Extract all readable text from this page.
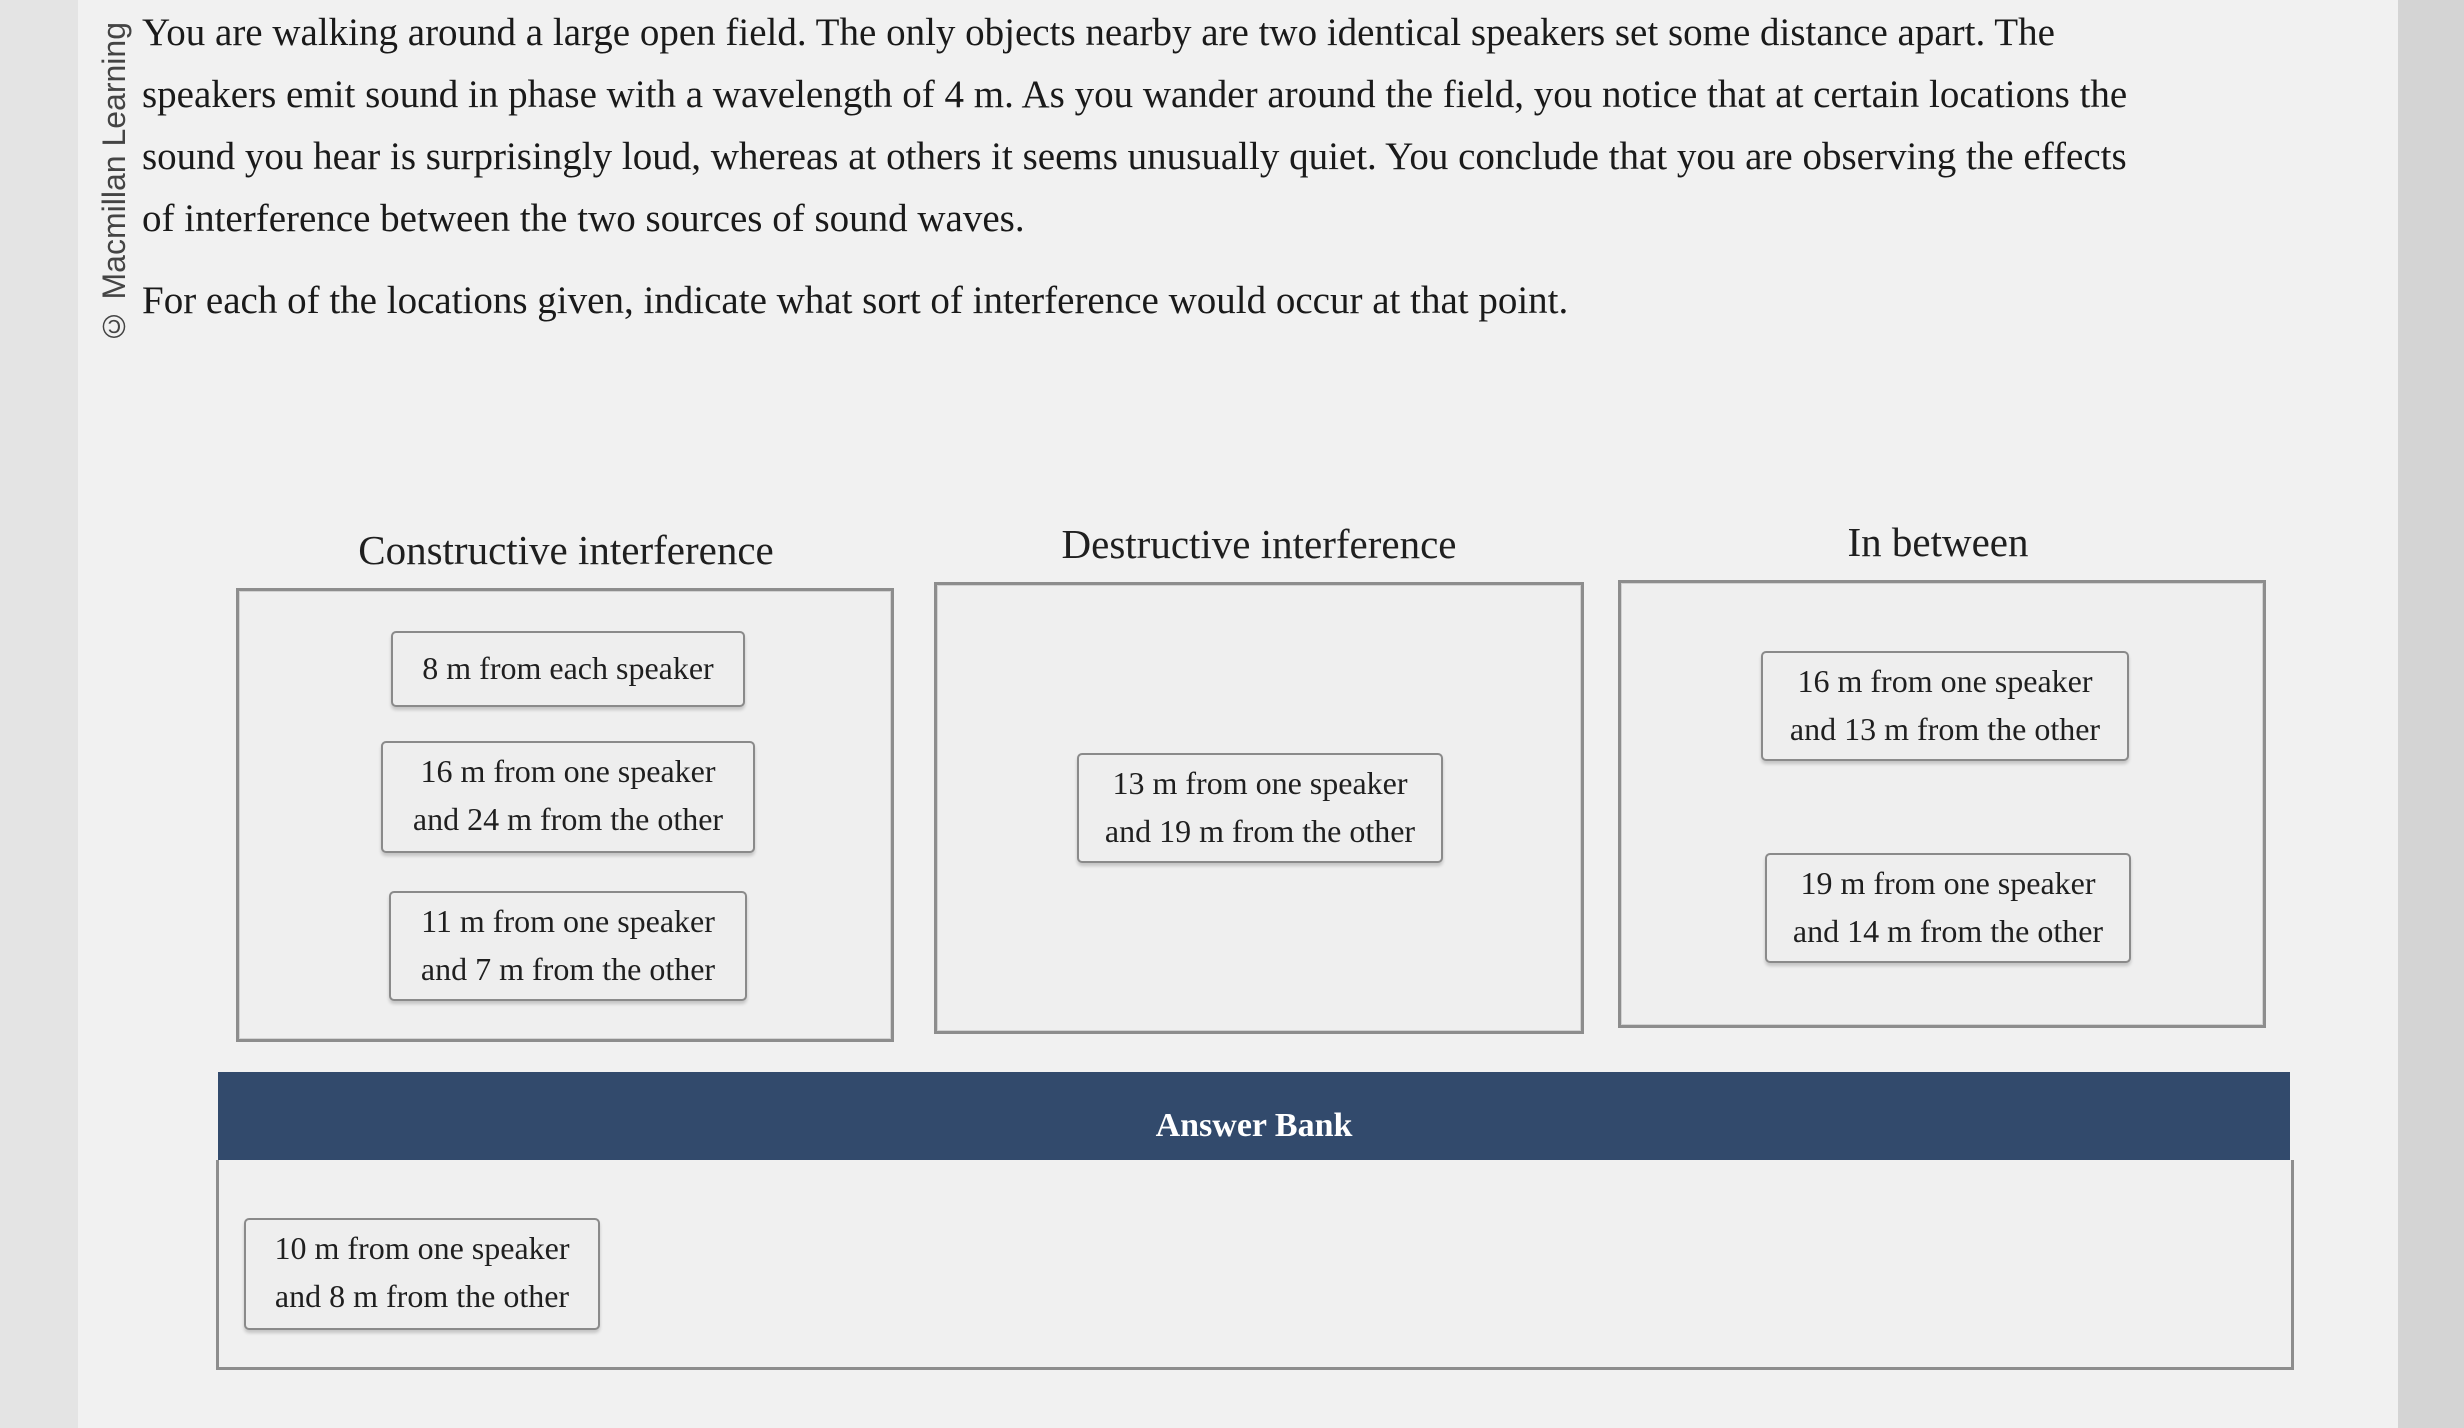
© Macmillan Learning You are walking around a large open field. The only objects nearby are two identical speakers set some distance apart. The
speakers emit sound in phase with a wavelength of 4 m. As you wander around the field, you notice that at certain locations the
sound you hear is surprisingly loud, whereas at others it seems unusually quiet. You conclude that you are observing the effects
of interference between the two sources of sound waves.

For each of the locations given, indicate what sort of interference would occur at that point.

Constructive interference
8 m from each speaker
16 m from one speaker
and 24 m from the other
11 m from one speaker
and 7 m from the other
Destructive interference
13 m from one speaker
and 19 m from the other
In between
16 m from one speaker
and 13 m from the other
19 m from one speaker
and 14 m from the other
Answer Bank
10 m from one speaker
and 8 m from the other
